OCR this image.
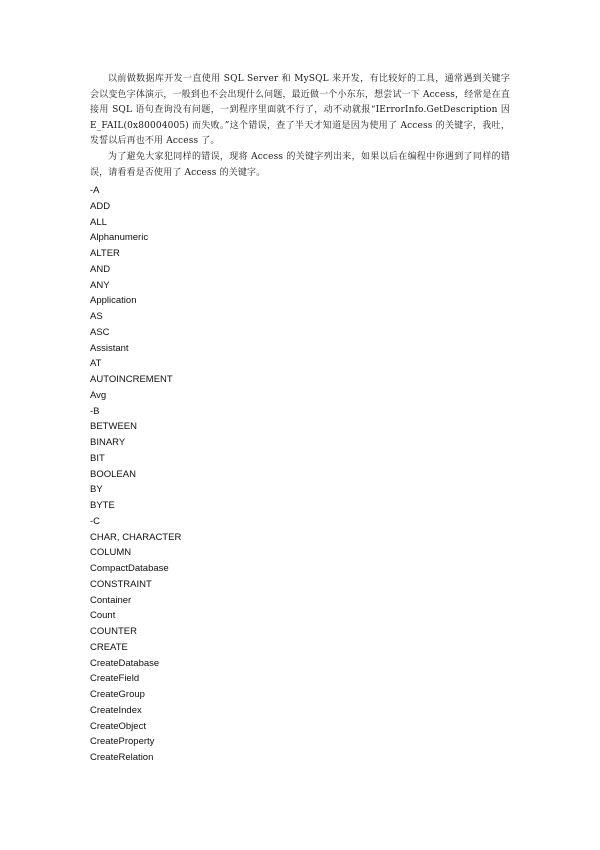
以前做数据库开发一直使用 SQL Server 和 MySQL 来开发，有比较好的工具，通常遇到关键字会以变色字体演示，一般到也不会出现什么问题，最近做一个小东东，想尝试一下 Access，经常是在直接用 SQL 语句查询没有问题，一到程序里面就不行了，动不动就报“IErrorInfo.GetDescription 因 E_FAIL(0x80004005) 而失败。”这个错误，查了半天才知道是因为使用了 Access 的关键字，我吐，发誓以后再也不用 Access 了。

为了避免大家犯同样的错误，现将 Access 的关键字列出来，如果以后在编程中你遇到了同样的错误，请看看是否使用了 Access 的关键字。

-A
ADD
ALL
Alphanumeric
ALTER
AND
ANY
Application
AS
ASC
Assistant
AT
AUTOINCREMENT
Avg
-B
BETWEEN
BINARY
BIT
BOOLEAN
BY
BYTE
-C
CHAR, CHARACTER
COLUMN
CompactDatabase
CONSTRAINT
Container
Count
COUNTER
CREATE
CreateDatabase
CreateField
CreateGroup
CreateIndex
CreateObject
CreateProperty
CreateRelation
